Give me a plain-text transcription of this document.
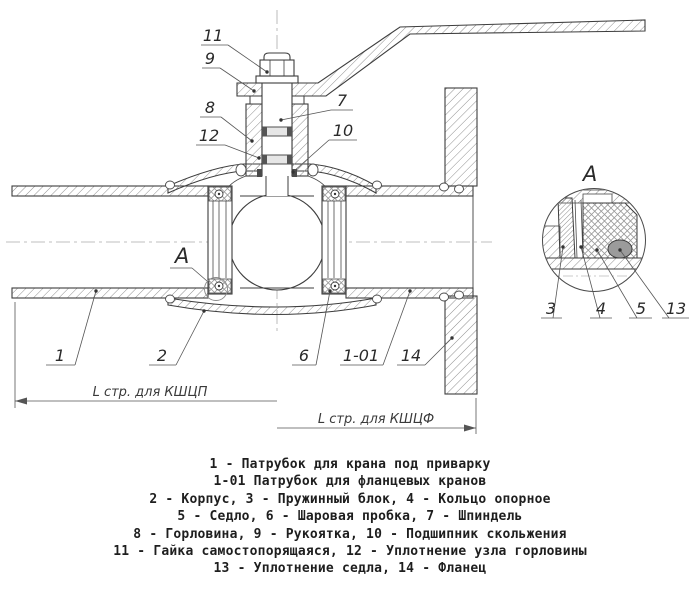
11
9
8
12
7
10
1	2	6 1-01 14
A
L стр. для КШЦП
L стр. для КШЦФ
A
3 4 5 13
1 - Патрубок для крана под приварку
1-01 Патрубок для фланцевых кранов
2 - Корпус, 3 - Пружинный блок, 4 - Кольцо опорное
5 - Седло, 6 - Шаровая пробка, 7 - Шпиндель
8 - Горловина, 9 - Рукоятка, 10 - Подшипник скольжения
11 - Гайка самостопорящаяся, 12 - Уплотнение узла горловины
13 - Уплотнение седла, 14 - Фланец
